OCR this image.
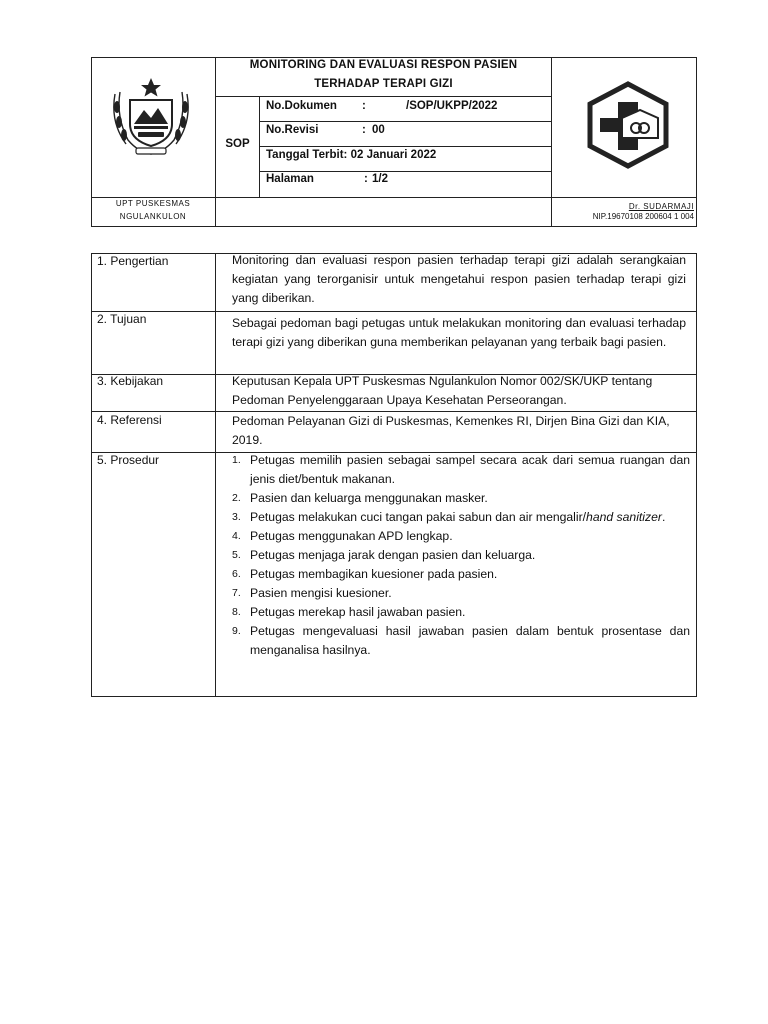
MONITORING DAN EVALUASI RESPON PASIEN
TERHADAP TERAPI GIZI
SOP
No.Dokumen :	/SOP/UKPP/2022
No.Revisi	: 00
Tanggal Terbit: 02 Januari 2022
Halaman	: 1/2
UPT PUSKESMAS
NGULANKULON
Dr. SUDARMAJI
NIP.19670108 200604 1 004
1. Pengertian	Monitoring dan evaluasi respon pasien terhadap terapi gizi adalah serangkaian kegiatan yang terorganisir untuk mengetahui respon pasien terhadap terapi gizi yang diberikan.
2. Tujuan	Sebagai pedoman bagi petugas untuk melakukan monitoring dan evaluasi terhadap terapi gizi yang diberikan guna memberikan pelayanan yang terbaik bagi pasien.
3. Kebijakan	Keputusan Kepala UPT Puskesmas Ngulankulon Nomor 002/SK/UKP tentang Pedoman Penyelenggaraan Upaya Kesehatan Perseorangan.
4. Referensi	Pedoman Pelayanan Gizi di Puskesmas, Kemenkes RI, Dirjen Bina Gizi dan KIA, 2019.
5. Prosedur	1. Petugas memilih pasien sebagai sampel secara acak dari semua ruangan dan jenis diet/bentuk makanan.
2. Pasien dan keluarga menggunakan masker.
3. Petugas melakukan cuci tangan pakai sabun dan air mengalir/hand sanitizer.
4. Petugas menggunakan APD lengkap.
5. Petugas menjaga jarak dengan pasien dan keluarga.
6. Petugas membagikan kuesioner pada pasien.
7. Pasien mengisi kuesioner.
8. Petugas merekap hasil jawaban pasien.
9. Petugas mengevaluasi hasil jawaban pasien dalam bentuk prosentase dan menganalisa hasilnya.
